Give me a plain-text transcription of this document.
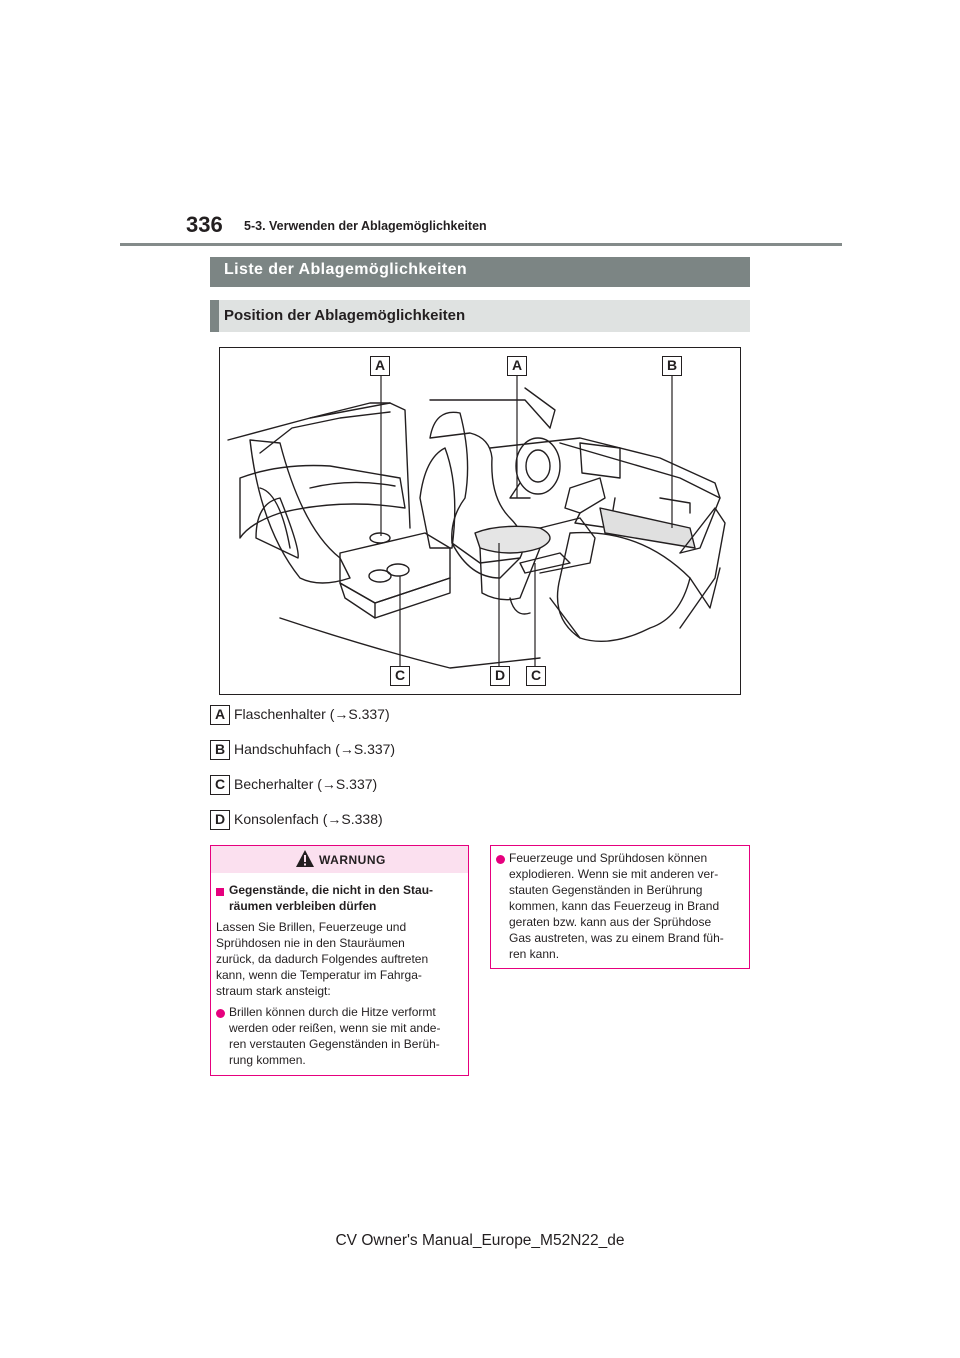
336 5-3. Verwenden der Ablagemöglichkeiten
Liste der Ablagemöglichkeiten
Position der Ablagemöglichkeiten
A	A	B
C	D	C
A Flaschenhalter (→S.337)
B Handschuhfach (→S.337)
C Becherhalter (→S.337)
D Konsolenfach (→S.338)
WARNUNG
Gegenstände, die nicht in den Stau-
räumen verbleiben dürfen
Lassen Sie Brillen, Feuerzeuge und
Sprühdosen nie in den Stauräumen
zurück, da dadurch Folgendes auftreten
kann, wenn die Temperatur im Fahrga-
straum stark ansteigt:
Brillen können durch die Hitze verformt
werden oder reißen, wenn sie mit ande-
ren verstauten Gegenständen in Berüh-
rung kommen.
Feuerzeuge und Sprühdosen können
explodieren. Wenn sie mit anderen ver-
stauten Gegenständen in Berührung
kommen, kann das Feuerzeug in Brand
geraten bzw. kann aus der Sprühdose
Gas austreten, was zu einem Brand füh-
ren kann.
CV Owner's Manual_Europe_M52N22_de
